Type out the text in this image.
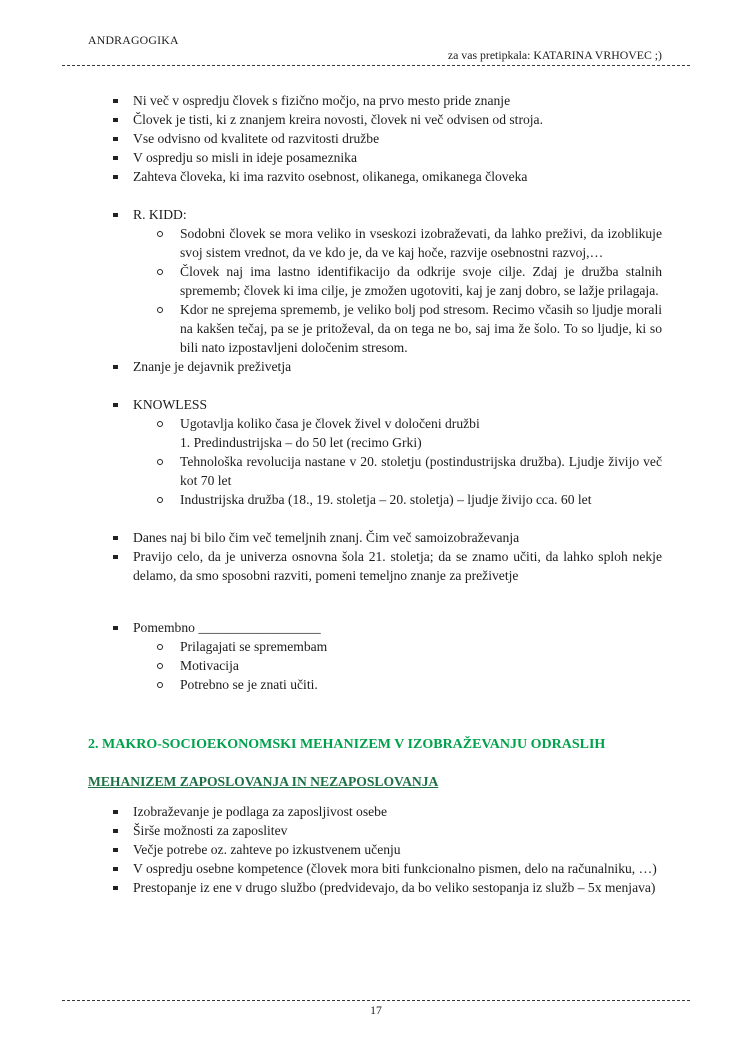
ANDRAGOGIKA
za vas pretipkala: KATARINA VRHOVEC ;)
Ni več v ospredju človek s fizično močjo, na prvo mesto pride znanje
Človek je tisti, ki z znanjem kreira novosti, človek ni več odvisen od stroja.
Vse odvisno od kvalitete od razvitosti družbe
V ospredju so misli in ideje posameznika
Zahteva človeka, ki ima razvito osebnost, olikanega, omikanega človeka
R. KIDD:
Sodobni človek se mora veliko in vseskozi izobraževati, da lahko preživi, da izoblikuje svoj sistem vrednot, da ve kdo je, da ve kaj hoče, razvije osebnostni razvoj,…
Človek naj ima lastno identifikacijo da odkrije svoje cilje. Zdaj je družba stalnih sprememb; človek ki ima cilje, je zmožen ugotoviti, kaj je zanj dobro, se lažje prilagaja.
Kdor ne sprejema sprememb, je veliko bolj pod stresom. Recimo včasih so ljudje morali na kakšen tečaj, pa se je pritoževal, da on tega ne bo, saj ima že šolo. To so ljudje, ki so bili nato izpostavljeni določenim stresom.
Znanje je dejavnik preživetja
KNOWLESS
Ugotavlja koliko časa je človek živel v določeni družbi
1. Predindustrijska – do 50 let (recimo Grki)
Tehnološka revolucija nastane v 20. stoletju (postindustrijska družba). Ljudje živijo več kot 70 let
Industrijska družba (18., 19. stoletja – 20. stoletja) – ljudje živijo cca. 60 let
Danes naj bi bilo čim več temeljnih znanj. Čim več samoizobraževanja
Pravijo celo, da je univerza osnovna šola 21. stoletja; da se znamo učiti, da lahko sploh nekje delamo, da smo sposobni razviti, pomeni temeljno znanje za preživetje
Pomembno __________________
Prilagajati se spremembam
Motivacija
Potrebno se je znati učiti.
2. MAKRO-SOCIOEKONOMSKI MEHANIZEM V IZOBRAŽEVANJU ODRASLIH
MEHANIZEM ZAPOSLOVANJA IN NEZAPOSLOVANJA
Izobraževanje je podlaga za zaposljivost osebe
Širše možnosti za zaposlitev
Večje potrebe oz. zahteve po izkustvenem učenju
V ospredju osebne kompetence (človek mora biti funkcionalno pismen, delo na računalniku, …)
Prestopanje iz ene v drugo službo (predvidevajo, da bo veliko sestopanja iz služb – 5x menjava)
17
